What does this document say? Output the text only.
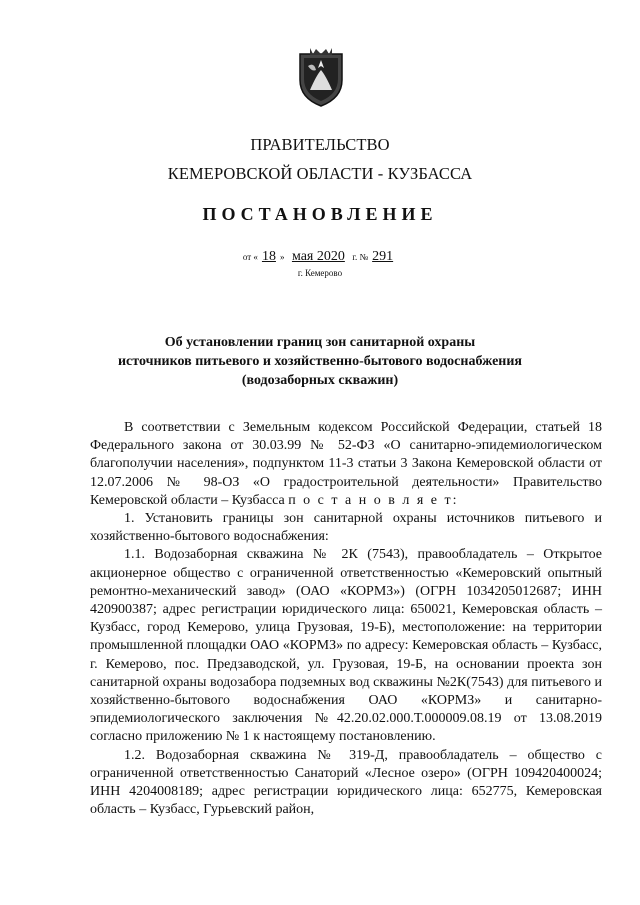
ПРАВИТЕЛЬСТВО
КЕМЕРОВСКОЙ ОБЛАСТИ - КУЗБАССА
ПОСТАНОВЛЕНИЕ
от « 18 » мая 2020 г. № 291
г. Кемерово
Об установлении границ зон санитарной охраны
источников питьевого и хозяйственно-бытового водоснабжения
(водозаборных скважин)

В соответствии с Земельным кодексом Российской Федерации, статьей 18 Федерального закона от 30.03.99 № 52-ФЗ «О санитарно-эпидемиологическом благополучии населения», подпунктом 11-3 статьи 3 Закона Кемеровской области от 12.07.2006 № 98-ОЗ «О градостроительной деятельности» Правительство Кемеровской области – Кузбасса п о с т а н о в л я е т:

1. Установить границы зон санитарной охраны источников питьевого и хозяйственно-бытового водоснабжения:

1.1. Водозаборная скважина № 2К (7543), правообладатель – Открытое акционерное общество с ограниченной ответственностью «Кемеровский опытный ремонтно-механический завод» (ОАО «КОРМЗ») (ОГРН 1034205012687; ИНН 420900387; адрес регистрации юридического лица: 650021, Кемеровская область – Кузбасс, город Кемерово, улица Грузовая, 19-Б), местоположение: на территории промышленной площадки ОАО «КОРМЗ» по адресу: Кемеровская область – Кузбасс, г. Кемерово, пос. Предзаводской, ул. Грузовая, 19-Б, на основании проекта зон санитарной охраны водозабора подземных вод скважины №2К(7543) для питьевого и хозяйственно-бытового водоснабжения ОАО «КОРМЗ» и санитарно-эпидемиологического заключения №42.20.02.000.Т.000009.08.19 от 13.08.2019 согласно приложению № 1 к настоящему постановлению.

1.2. Водозаборная скважина № 319-Д, правообладатель – общество с ограниченной ответственностью Санаторий «Лесное озеро» (ОГРН 109420400024; ИНН 4204008189; адрес регистрации юридического лица: 652775, Кемеровская область – Кузбасс, Гурьевский район,
